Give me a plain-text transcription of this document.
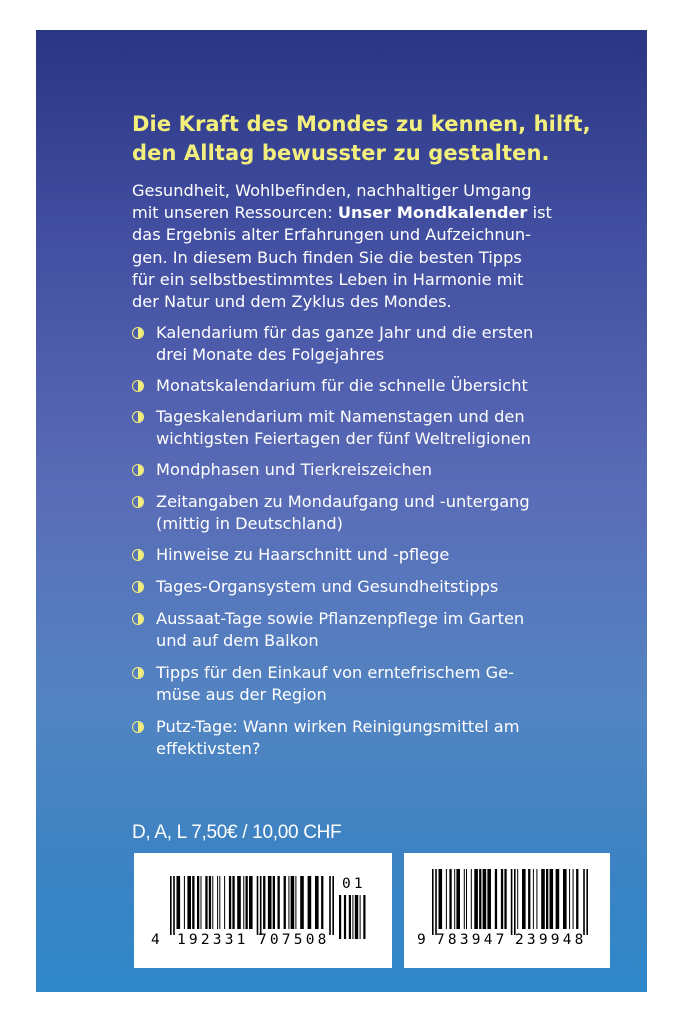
Die Kraft des Mondes zu kennen, hilft,
den Alltag bewusster zu gestalten.
Gesundheit, Wohlbefinden, nachhaltiger Umgang
mit unseren Ressourcen: Unser Mondkalender ist
das Ergebnis alter Erfahrungen und Aufzeichnun-
gen. In diesem Buch finden Sie die besten Tipps
für ein selbstbestimmtes Leben in Harmonie mit
der Natur und dem Zyklus des Mondes.
Kalendarium für das ganze Jahr und die ersten
drei Monate des Folgejahres
Monatskalendarium für die schnelle Übersicht
Tageskalendarium mit Namenstagen und den
wichtigsten Feiertagen der fünf Weltreligionen
Mondphasen und Tierkreiszeichen
Zeitangaben zu Mondaufgang und -untergang
(mittig in Deutschland)
Hinweise zu Haarschnitt und -pflege
Tages-Organsystem und Gesundheitstipps
Aussaat-Tage sowie Pflanzenpflege im Garten
und auf dem Balkon
Tipps für den Einkauf von erntefrischem Ge-
müse aus der Region
Putz-Tage: Wann wirken Reinigungsmittel am
effektivsten?
D, A, L 7,50€ / 10,00 CHF
4 192331 707508
01
9 783947 239948
